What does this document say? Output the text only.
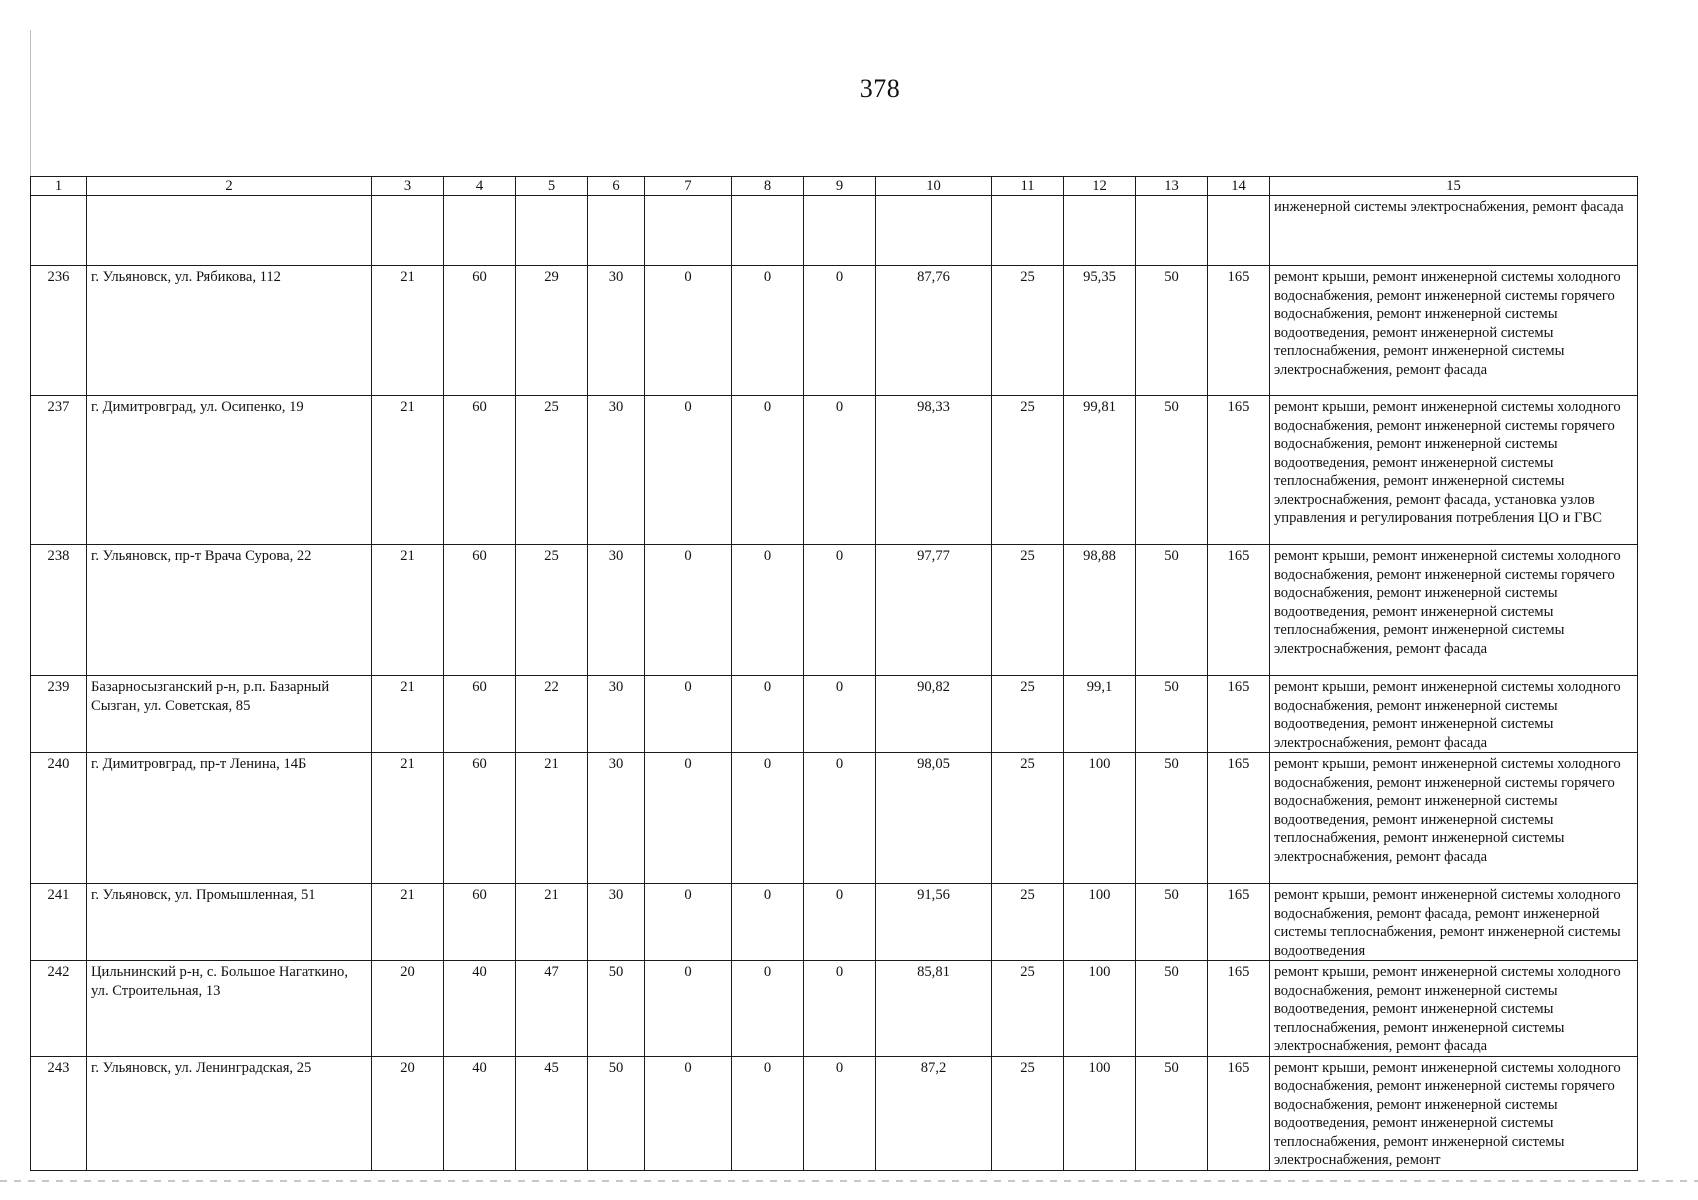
378
1	2	3	4	5	6	7	8	9	10	11	12	13	14	15
														инженерной системы электроснабжения, ремонт фасада
236	г. Ульяновск, ул. Рябикова, 112	21	60	29	30	0	0	0	87,76	25	95,35	50	165	ремонт крыши, ремонт инженерной системы холодного водоснабжения, ремонт инженерной системы горячего водоснабжения, ремонт инженерной системы водоотведения, ремонт инженерной системы теплоснабжения, ремонт инженерной системы электроснабжения, ремонт фасада
237	г. Димитровград, ул. Осипенко, 19	21	60	25	30	0	0	0	98,33	25	99,81	50	165	ремонт крыши, ремонт инженерной системы холодного водоснабжения, ремонт инженерной системы горячего водоснабжения, ремонт инженерной системы водоотведения, ремонт инженерной системы теплоснабжения, ремонт инженерной системы электроснабжения, ремонт фасада, установка узлов управления и регулирования потребления ЦО и ГВС
238	г. Ульяновск, пр-т Врача Сурова, 22	21	60	25	30	0	0	0	97,77	25	98,88	50	165	ремонт крыши, ремонт инженерной системы холодного водоснабжения, ремонт инженерной системы горячего водоснабжения, ремонт инженерной системы водоотведения, ремонт инженерной системы теплоснабжения, ремонт инженерной системы электроснабжения, ремонт фасада
239	Базарносызганский р-н, р.п. Базарный Сызган, ул. Советская, 85	21	60	22	30	0	0	0	90,82	25	99,1	50	165	ремонт крыши, ремонт инженерной системы холодного водоснабжения, ремонт инженерной системы водоотведения, ремонт инженерной системы электроснабжения, ремонт фасада
240	г. Димитровград, пр-т Ленина, 14Б	21	60	21	30	0	0	0	98,05	25	100	50	165	ремонт крыши, ремонт инженерной системы холодного водоснабжения, ремонт инженерной системы горячего водоснабжения, ремонт инженерной системы водоотведения, ремонт инженерной системы теплоснабжения, ремонт инженерной системы электроснабжения, ремонт фасада
241	г. Ульяновск, ул. Промышленная, 51	21	60	21	30	0	0	0	91,56	25	100	50	165	ремонт крыши, ремонт инженерной системы холодного водоснабжения, ремонт фасада, ремонт инженерной системы теплоснабжения, ремонт инженерной системы водоотведения
242	Цильнинский р-н, с. Большое Нагаткино, ул. Строительная, 13	20	40	47	50	0	0	0	85,81	25	100	50	165	ремонт крыши, ремонт инженерной системы холодного водоснабжения, ремонт инженерной системы водоотведения, ремонт инженерной системы теплоснабжения, ремонт инженерной системы электроснабжения, ремонт фасада
243	г. Ульяновск, ул. Ленинградская, 25	20	40	45	50	0	0	0	87,2	25	100	50	165	ремонт крыши, ремонт инженерной системы холодного водоснабжения, ремонт инженерной системы горячего водоснабжения, ремонт инженерной системы водоотведения, ремонт инженерной системы теплоснабжения, ремонт инженерной системы электроснабжения, ремонт
